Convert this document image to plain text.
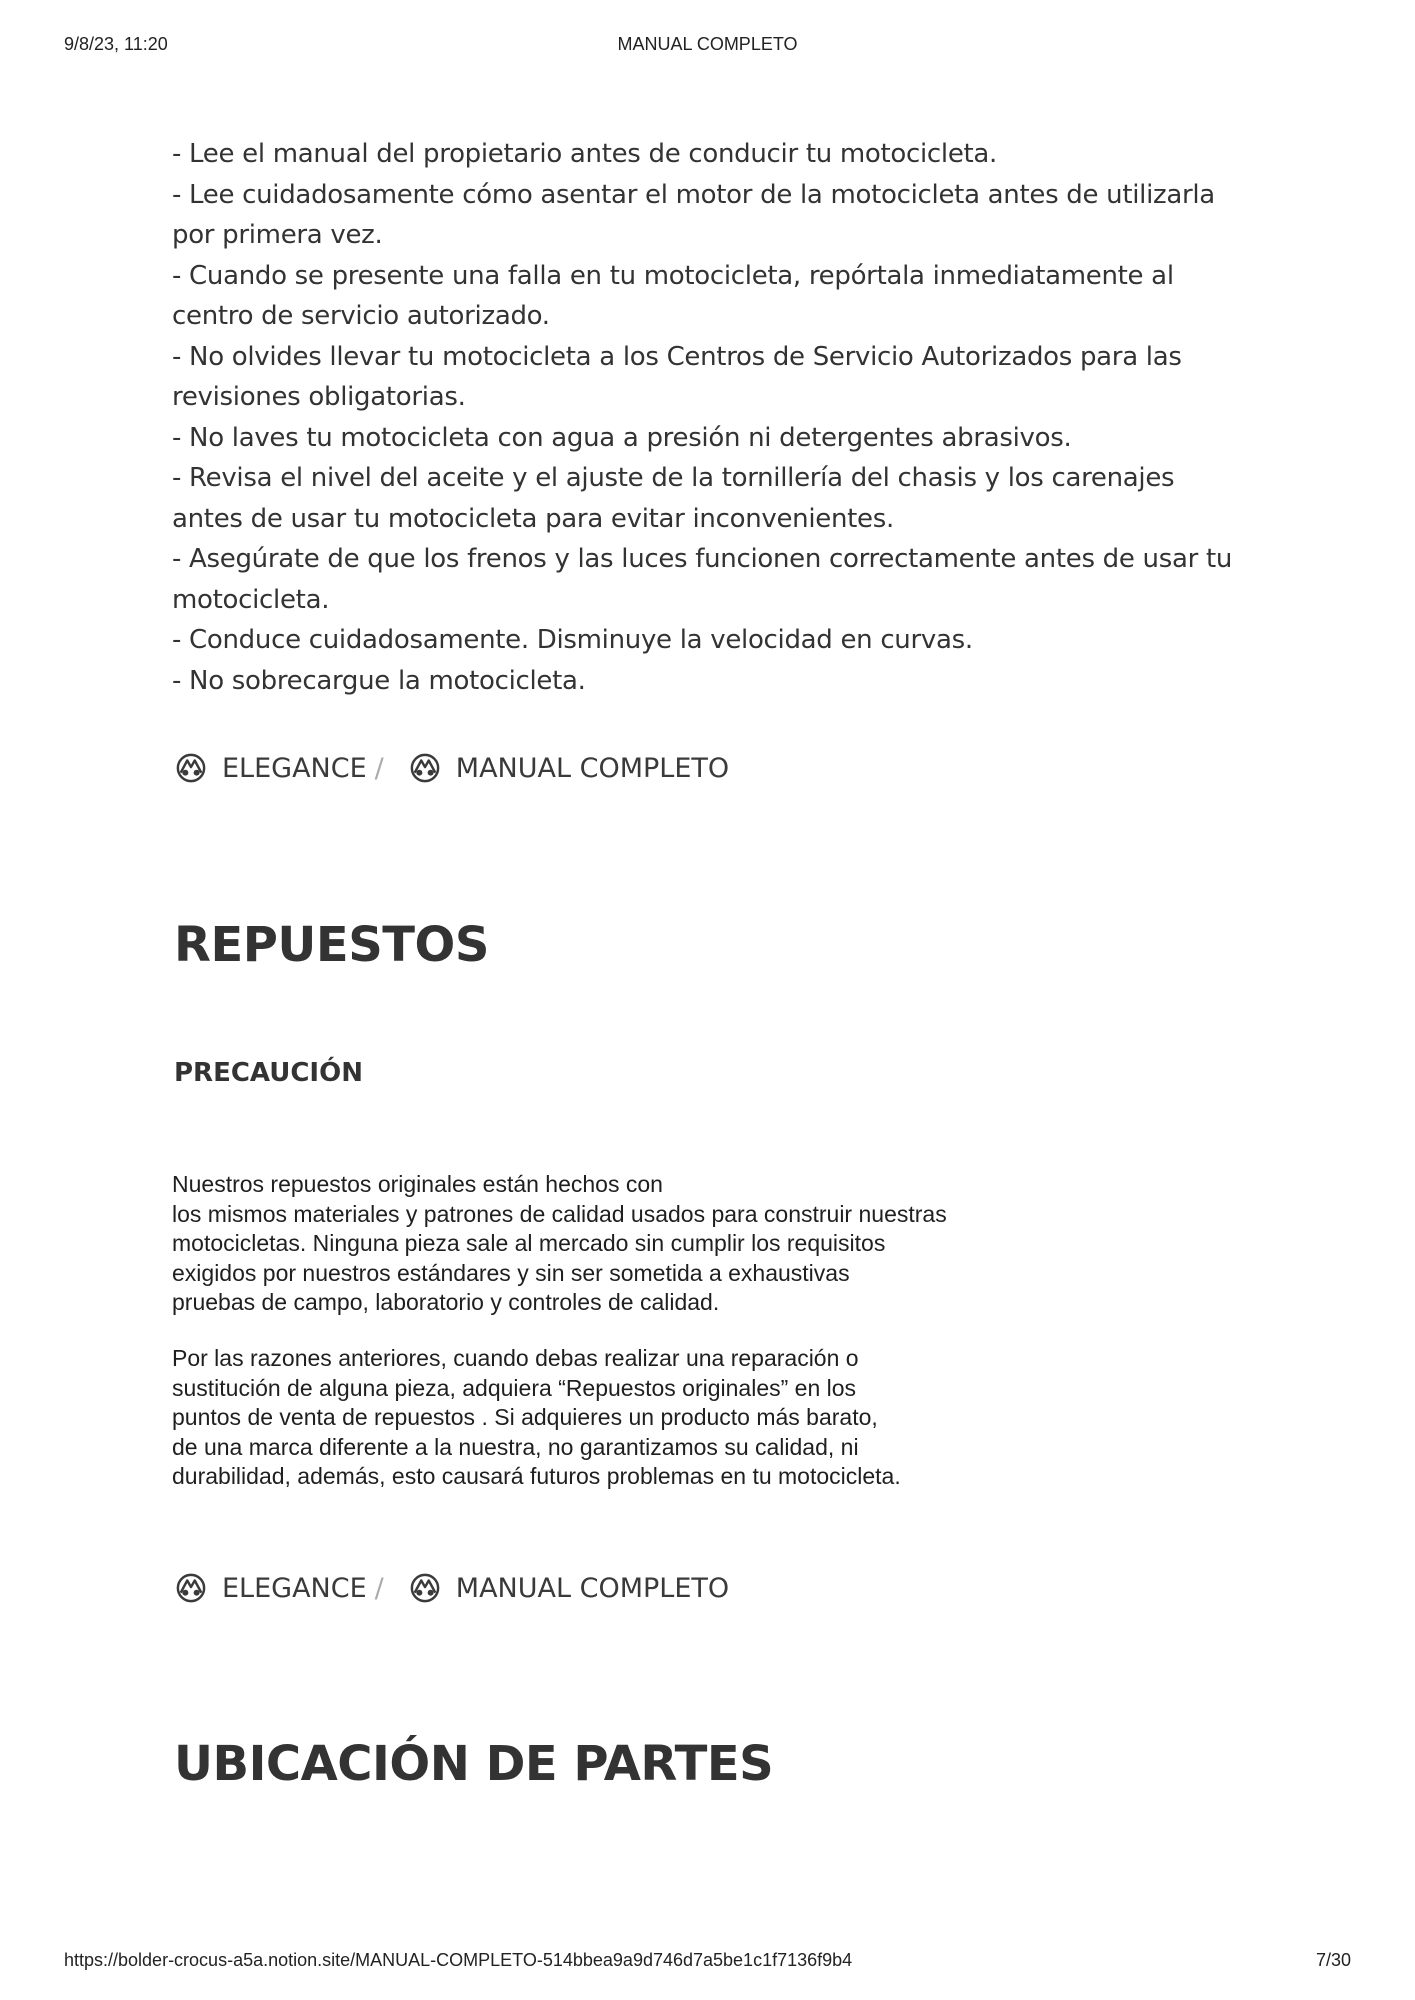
9/8/23, 11:20	MANUAL COMPLETO
- Lee el manual del propietario antes de conducir tu motocicleta.
- Lee cuidadosamente cómo asentar el motor de la motocicleta antes de utilizarla por primera vez.
- Cuando se presente una falla en tu motocicleta, repórtala inmediatamente al centro de servicio autorizado.
- No olvides llevar tu motocicleta a los Centros de Servicio Autorizados para las revisiones obligatorias.
- No laves tu motocicleta con agua a presión ni detergentes abrasivos.
- Revisa el nivel del aceite y el ajuste de la tornillería del chasis y los carenajes antes de usar tu motocicleta para evitar inconvenientes.
- Asegúrate de que los frenos y las luces funcionen correctamente antes de usar tu motocicleta.
- Conduce cuidadosamente. Disminuye la velocidad en curvas.
- No sobrecargue la motocicleta.
ELEGANCE /	MANUAL COMPLETO
REPUESTOS
PRECAUCIÓN

Nuestros repuestos originales están hechos con
los mismos materiales y patrones de calidad usados para construir nuestras
motocicletas. Ninguna pieza sale al mercado sin cumplir los requisitos
exigidos por nuestros estándares y sin ser sometida a exhaustivas
pruebas de campo, laboratorio y controles de calidad.

Por las razones anteriores, cuando debas realizar una reparación o
sustitución de alguna pieza, adquiera “Repuestos originales” en los
puntos de venta de repuestos . Si adquieres un producto más barato,
de una marca diferente a la nuestra, no garantizamos su calidad, ni
durabilidad, además, esto causará futuros problemas en tu motocicleta.

ELEGANCE /	MANUAL COMPLETO
UBICACIÓN DE PARTES
https://bolder-crocus-a5a.notion.site/MANUAL-COMPLETO-514bbea9a9d746d7a5be1c1f7136f9b4	7/30
